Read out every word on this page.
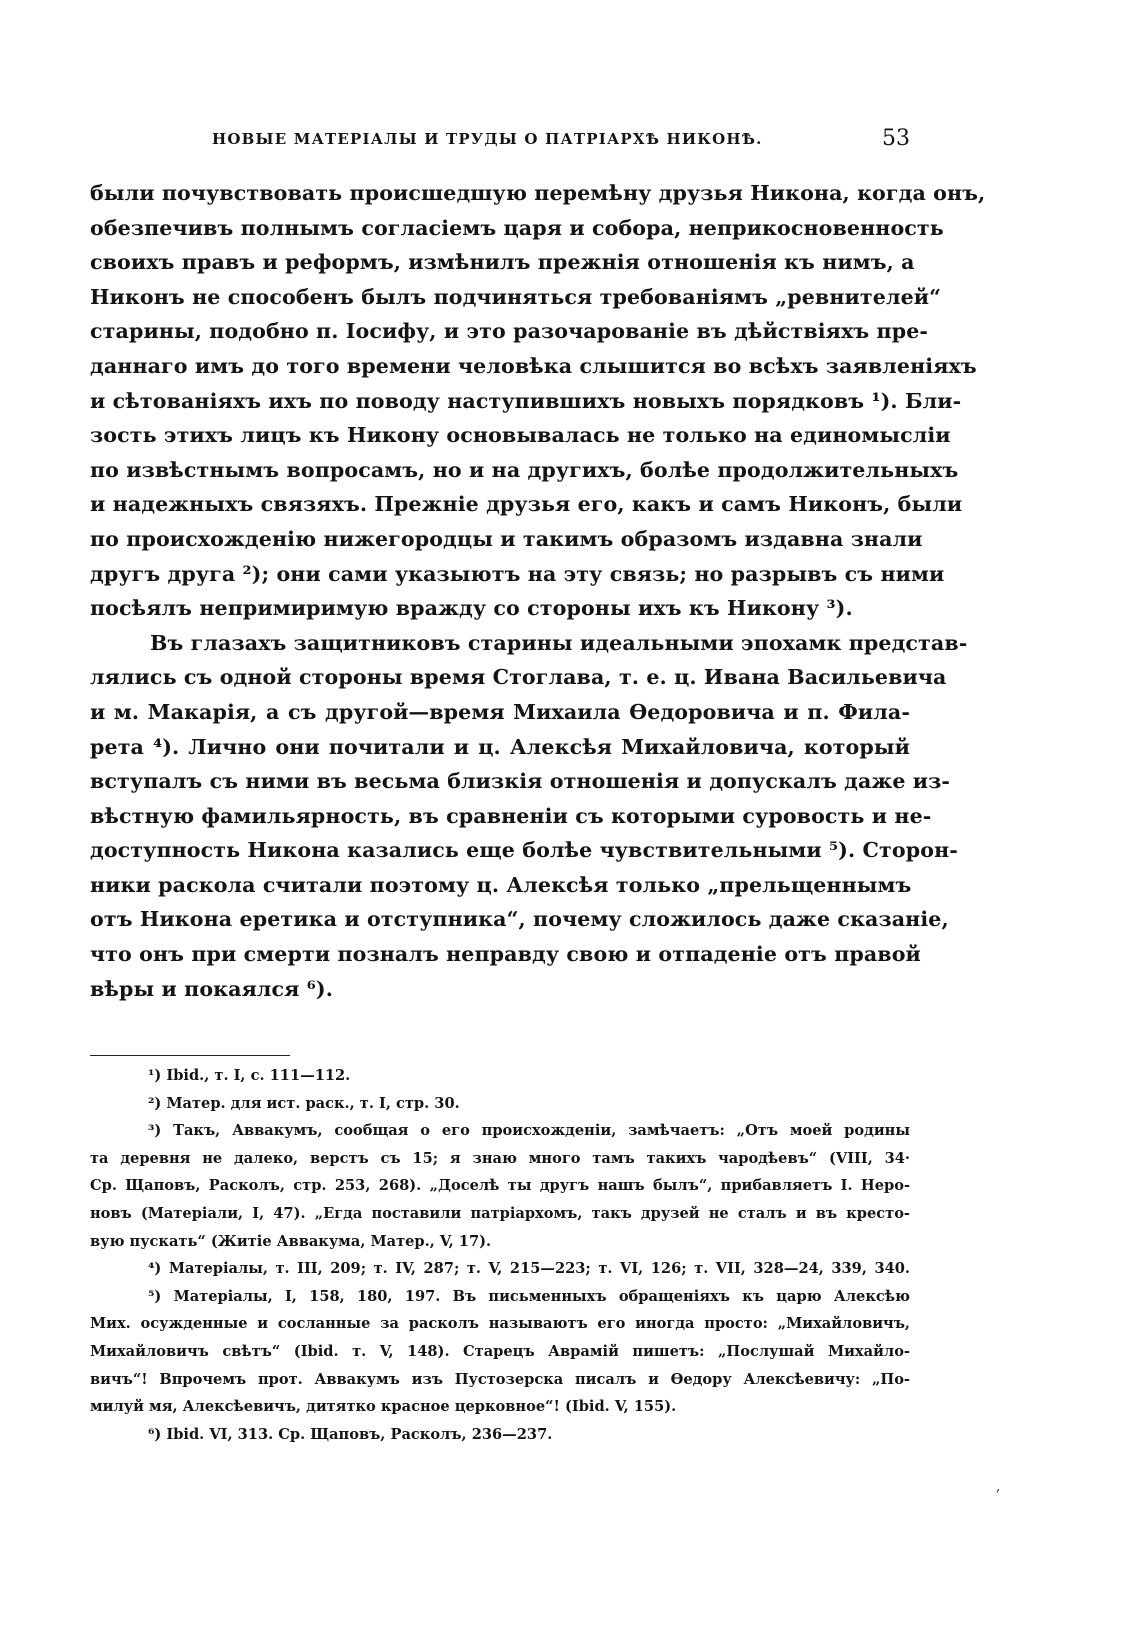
НОВЫЕ МАТЕРІАЛЫ И ТРУДЫ О ПАТРІАРХѢ НИКОНѢ.	53
были почувствовать происшедшую перемѣну друзья Никона, когда онъ,
обезпечивъ полнымъ согласіемъ царя и собора, неприкосновенность
своихъ правъ и реформъ, измѣнилъ прежнія отношенія къ нимъ, а
Никонъ не способенъ былъ подчиняться требованіямъ „ревнителей“
старины, подобно п. Іосифу, и это разочарованіе въ дѣйствіяхъ пре-
даннаго имъ до того времени человѣка слышится во всѣхъ заявленіяхъ
и сѣтованіяхъ ихъ по поводу наступившихъ новыхъ порядковъ ¹). Бли-
зость этихъ лицъ къ Никону основывалась не только на единомысліи
по извѣстнымъ вопросамъ, но и на другихъ, болѣе продолжительныхъ
и надежныхъ связяхъ. Прежніе друзья его, какъ и самъ Никонъ, были
по происхожденію нижегородцы и такимъ образомъ издавна знали
другъ друга ²); они сами указыютъ на эту связь; но разрывъ съ ними
посѣялъ непримиримую вражду со стороны ихъ къ Никону ³).
Въ глазахъ защитниковъ старины идеальными эпохамк представ-
лялись съ одной стороны время Стоглава, т. е. ц. Ивана Васильевича
и м. Макарія, а съ другой—время Михаила Ѳедоровича и п. Фила-
рета ⁴). Лично они почитали и ц. Алексѣя Михайловича, который
вступалъ съ ними въ весьма близкія отношенія и допускалъ даже из-
вѣстную фамильярность, въ сравненіи съ которыми суровость и не-
доступность Никона казались еще болѣе чувствительными ⁵). Сторон-
ники раскола считали поэтому ц. Алексѣя только „прельщеннымъ
отъ Никона еретика и отступника“, почему сложилось даже сказаніе,
что онъ при смерти позналъ неправду свою и отпаденіе отъ правой
вѣры и покаялся ⁶).
¹) Ibid., т. I, с. 111—112.
²) Матер. для ист. раск., т. I, стр. 30.
³) Такъ, Аввакумъ, сообщая о его происхожденіи, замѣчаетъ: „Отъ моей родины
та деревня не далеко, верстъ съ 15; я знаю много тамъ такихъ чародѣевъ“ (VIII, 34·
Ср. Щаповъ, Расколъ, стр. 253, 268). „Доселѣ ты другъ нашъ былъ“, прибавляетъ І. Неро-
новъ (Матеріали, I, 47). „Егда поставили патріархомъ, такъ друзей не сталъ и въ кресто-
вую пускать“ (Житіе Аввакума, Матер., V, 17).
⁴) Матеріалы, т. III, 209; т. IV, 287; т. V, 215—223; т. VI, 126; т. VII, 328—24, 339, 340.
⁵) Матеріалы, I, 158, 180, 197. Въ письменныхъ обращеніяхъ къ царю Алексѣю
Мих. осужденные и сосланные за расколъ называютъ его иногда просто: „Михайловичъ,
Михайловичъ свѣтъ“ (Ibid. т. V, 148). Старецъ Аврамій пишетъ: „Послушай Михайло-
вичъ“! Впрочемъ прот. Аввакумъ изъ Пустозерска писалъ и Ѳедору Алексѣевичу: „По-
милуй мя, Алексѣевичъ, дитятко красное церковное“! (Ibid. V, 155).
⁶) Ibid. VI, 313. Ср. Щаповъ, Расколъ, 236—237.
׳
